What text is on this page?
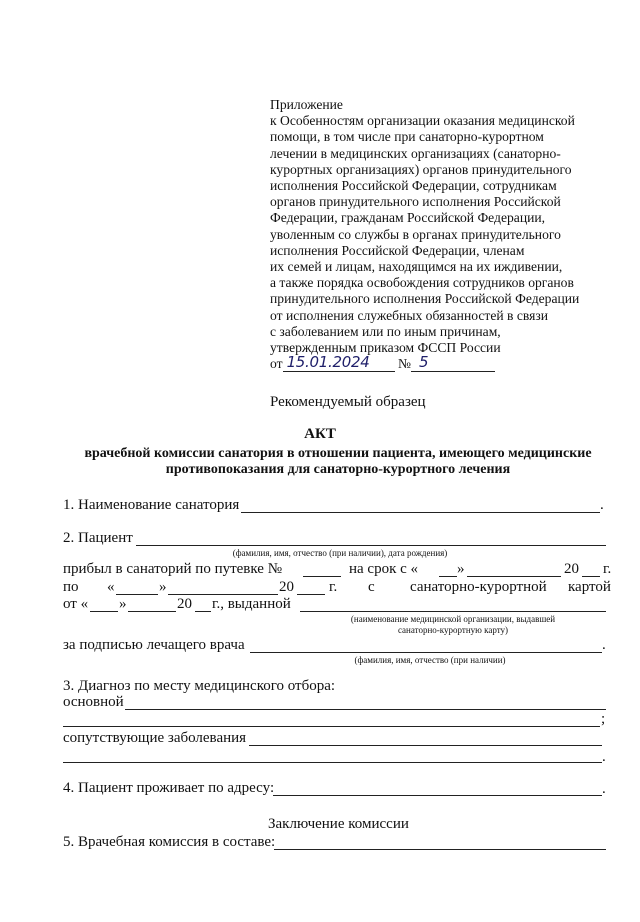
Приложение
к Особенностям организации оказания медицинской
помощи, в том числе при санаторно-курортном
лечении в медицинских организациях (санаторно-
курортных организациях) органов принудительного
исполнения Российской Федерации, сотрудникам
органов принудительного исполнения Российской
Федерации, гражданам Российской Федерации,
уволенным со службы в органах принудительного
исполнения Российской Федерации, членам
их семей и лицам, находящимся на их иждивении,
а также порядка освобождения сотрудников органов
принудительного исполнения Российской Федерации
от исполнения служебных обязанностей в связи
с заболеванием или по иным причинам,
утвержденным приказом ФССП России
от 15.01.2024 № 5
Рекомендуемый образец
АКТ
врачебной комиссии санатория в отношении пациента, имеющего медицинские
противопоказания для санаторно-курортного лечения
1. Наименование санатория	.
2. Пациент
(фамилия, имя, отчество (при наличии), дата рождения)
прибыл в санаторий по путевке №	на срок с «	»	20 г.
по «	»	20 г. с санаторно-курортной картой
от « »	20 г., выданной
(наименование медицинской организации, выдавшей
санаторно-курортную карту)
за подписью лечащего врача	.
(фамилия, имя, отчество (при наличии)
3. Диагноз по месту медицинского отбора:
основной
;
сопутствующие заболевания
.
4. Пациент проживает по адресу:	.
Заключение комиссии
5. Врачебная комиссия в составе:
